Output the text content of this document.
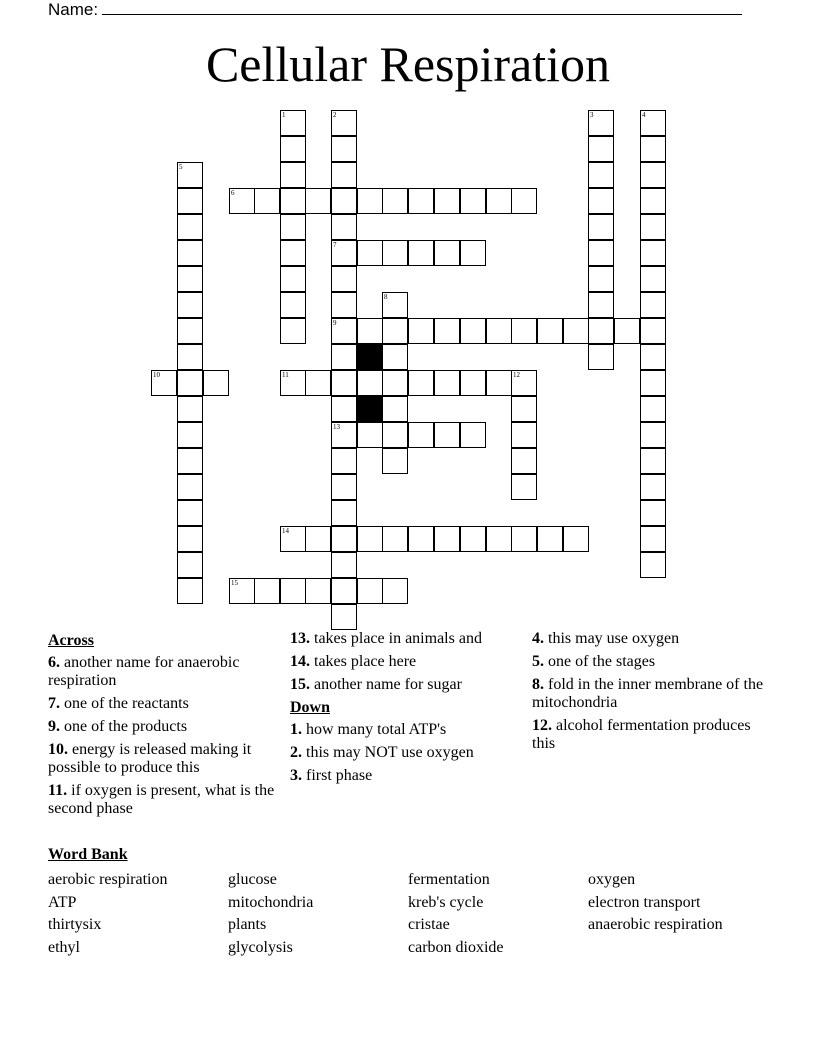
Name:
Cellular Respiration
1	2
7
9
13
3	4
5
6
8
10	11	12
14
15
Across
6. another name for anaerobic respiration
7. one of the reactants
9. one of the products
10. energy is released making it possible to produce this
11. if oxygen is present, what is the second phase
13. takes place in animals and
14. takes place here
15. another name for sugar
Down
1. how many total ATP's
2. this may NOT use oxygen
3. first phase
4. this may use oxygen
5. one of the stages
8. fold in the inner membrane of the mitochondria
12. alcohol fermentation produces this
Word Bank
aerobic respiration
ATP
thirtysix
ethyl
glucose
mitochondria
plants
glycolysis
fermentation
kreb's cycle
cristae
carbon dioxide
oxygen
electron transport
anaerobic respiration
